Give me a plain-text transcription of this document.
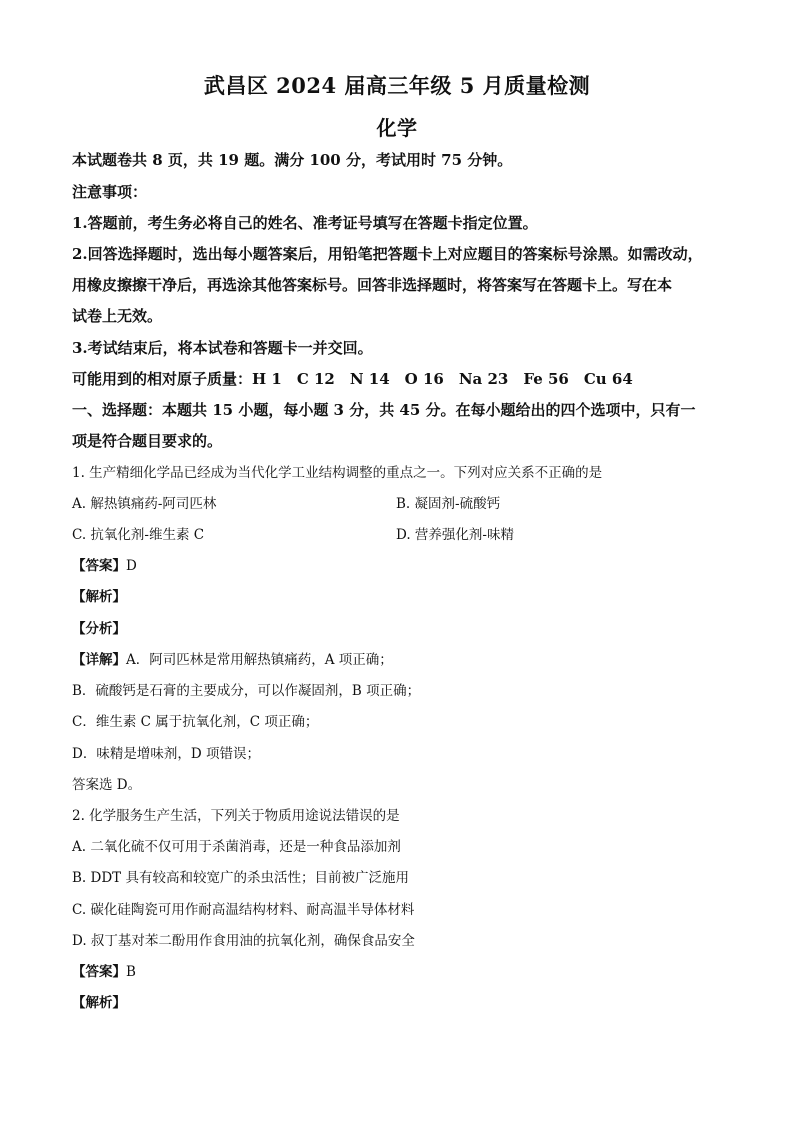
武昌区 2024 届高三年级 5 月质量检测
化学
本试题卷共 8 页，共 19 题。满分 100 分，考试用时 75 分钟。
注意事项：
1.答题前，考生务必将自己的姓名、准考证号填写在答题卡指定位置。
2.回答选择题时，选出每小题答案后，用铅笔把答题卡上对应题目的答案标号涂黑。如需改动，
用橡皮擦擦干净后，再选涂其他答案标号。回答非选择题时，将答案写在答题卡上。写在本
试卷上无效。
3.考试结束后，将本试卷和答题卡一并交回。
可能用到的相对原子质量：H 1　C 12　N 14　O 16　Na 23　Fe 56　Cu 64
一、选择题：本题共 15 小题，每小题 3 分，共 45 分。在每小题给出的四个选项中，只有一
项是符合题目要求的。
1. 生产精细化学品已经成为当代化学工业结构调整的重点之一。下列对应关系不正确的是
A. 解热镇痛药-阿司匹林	B. 凝固剂-硫酸钙
C. 抗氧化剂-维生素 C	D. 营养强化剂-味精
【答案】D
【解析】
【分析】
【详解】A．阿司匹林是常用解热镇痛药，A 项正确；
B．硫酸钙是石膏的主要成分，可以作凝固剂，B 项正确；
C．维生素 C 属于抗氧化剂，C 项正确；
D．味精是增味剂，D 项错误；
答案选 D。
2. 化学服务生产生活，下列关于物质用途说法错误的是
A. 二氧化硫不仅可用于杀菌消毒，还是一种食品添加剂
B. DDT 具有较高和较宽广的杀虫活性；目前被广泛施用
C. 碳化硅陶瓷可用作耐高温结构材料、耐高温半导体材料
D. 叔丁基对苯二酚用作食用油的抗氧化剂，确保食品安全
【答案】B
【解析】
